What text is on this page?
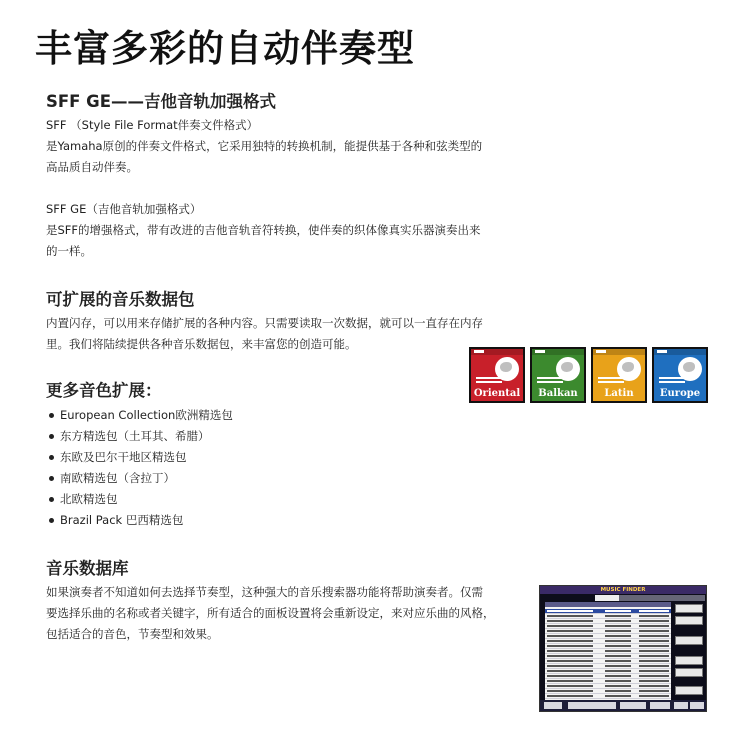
丰富多彩的自动伴奏型
SFF GE——吉他音轨加强格式
SFF （Style File Format伴奏文件格式）
是Yamaha原创的伴奏文件格式，它采用独特的转换机制，能提供基于各种和弦类型的
高品质自动伴奏。
SFF GE（吉他音轨加强格式）
是SFF的增强格式，带有改进的吉他音轨音符转换，使伴奏的织体像真实乐器演奏出来
的一样。
可扩展的音乐数据包
内置闪存，可以用来存储扩展的各种内容。只需要读取一次数据，就可以一直存在内存
里。我们将陆续提供各种音乐数据包，来丰富您的创造可能。
更多音色扩展：
European Collection欧洲精选包
东方精选包（土耳其、希腊）
东欧及巴尔干地区精选包
南欧精选包（含拉丁）
北欧精选包
Brazil Pack 巴西精选包
Oriental	Balkan	Latin	Europe
音乐数据库
如果演奏者不知道如何去选择节奏型，这种强大的音乐搜索器功能将帮助演奏者。仅需
要选择乐曲的名称或者关键字，所有适合的面板设置将会重新设定，来对应乐曲的风格，
包括适合的音色，节奏型和效果。
MUSIC FINDER
